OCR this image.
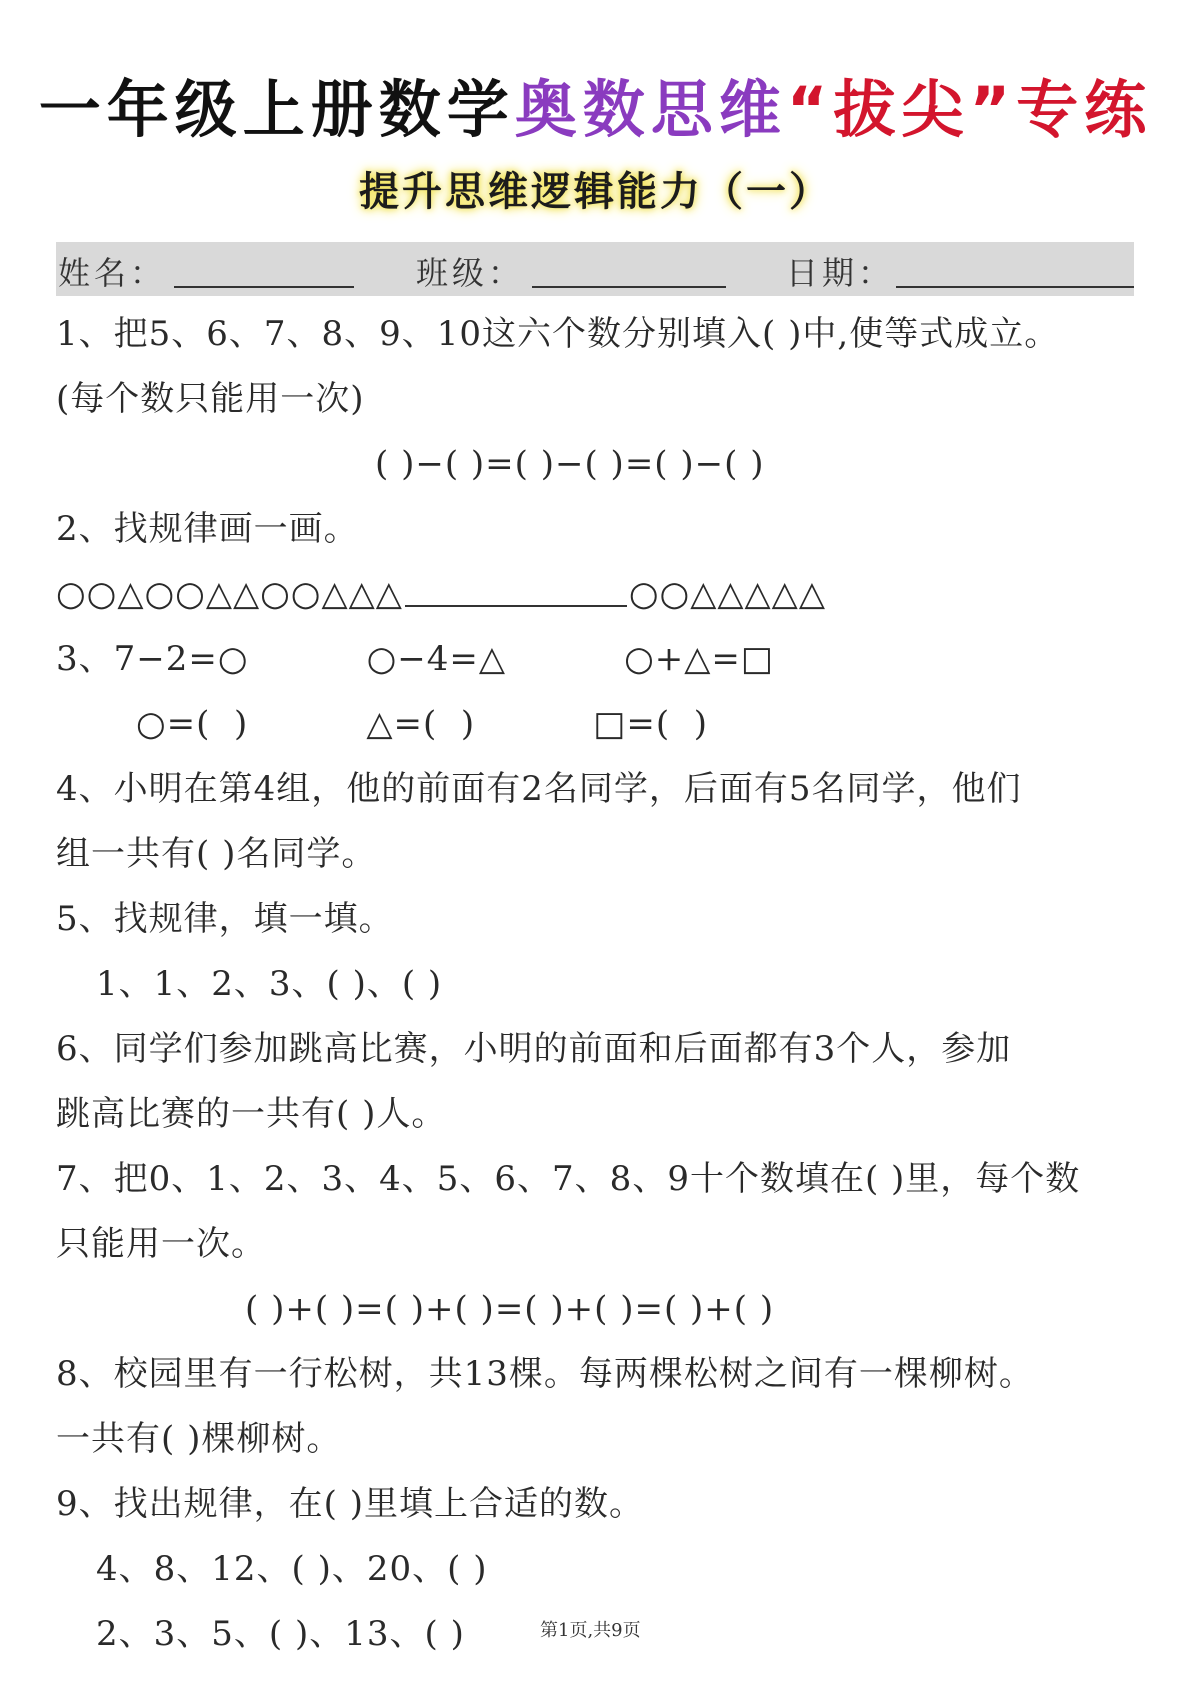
一年级上册数学奥数思维“拔尖”专练
提升思维逻辑能力（一）
姓名：	班级：	日期：
1、把5、6、7、8、9、10这六个数分别填入( )中,使等式成立。
(每个数只能用一次)
( )−( )=( )−( )=( )−( )
2、找规律画一画。
○○△○○△△○○△△△	○○△△△△△
3、7−2=○          ○−4=△          ○+△=□
○=(  )          △=(  )          □=(  )
4、小明在第4组，他的前面有2名同学，后面有5名同学，他们
组一共有( )名同学。
5、找规律，填一填。
1、1、2、3、( )、( )
6、同学们参加跳高比赛，小明的前面和后面都有3个人，参加
跳高比赛的一共有( )人。
7、把0、1、2、3、4、5、6、7、8、9十个数填在( )里，每个数
只能用一次。
( )+( )=( )+( )=( )+( )=( )+( )
8、校园里有一行松树，共13棵。每两棵松树之间有一棵柳树。
一共有( )棵柳树。
9、找出规律，在( )里填上合适的数。
4、8、12、( )、20、( )
2、3、5、( )、13、( )	第1页,共9页
